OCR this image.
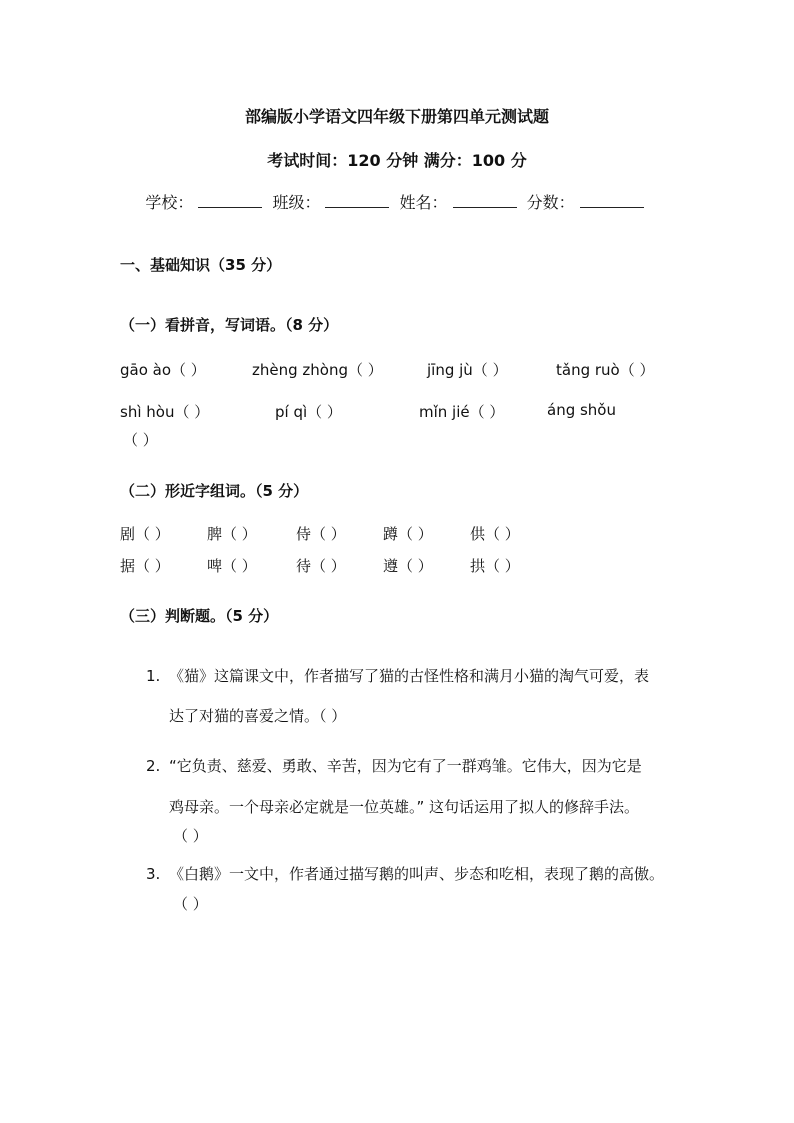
部编版小学语文四年级下册第四单元测试题
考试时间：120 分钟 满分：100 分
学校：	班级：	姓名：	分数：
一、基础知识（35 分）
（一）看拼音，写词语。（8 分）
gāo ào（ ）	zhèng zhòng（ ）	jīng jù（ ）	tǎng ruò（ ）
shì hòu（ ）	pí qì（ ）	mǐn jié（ ）	áng shǒu
（ ）
（二）形近字组词。（5 分）
剧（ ） 脾（ ）	侍（ ） 蹲（ ） 供（ ）
据（ ） 啤（ ）	待（ ） 遵（ ） 拱（ ）
（三）判断题。（5 分）
1. 《猫》这篇课文中，作者描写了猫的古怪性格和满月小猫的淘气可爱，表
达了对猫的喜爱之情。（ ）
2. “它负责、慈爱、勇敢、辛苦，因为它有了一群鸡雏。它伟大，因为它是
鸡母亲。一个母亲必定就是一位英雄。” 这句话运用了拟人的修辞手法。
（ ）
3. 《白鹅》一文中，作者通过描写鹅的叫声、步态和吃相，表现了鹅的高傲。
（ ）
